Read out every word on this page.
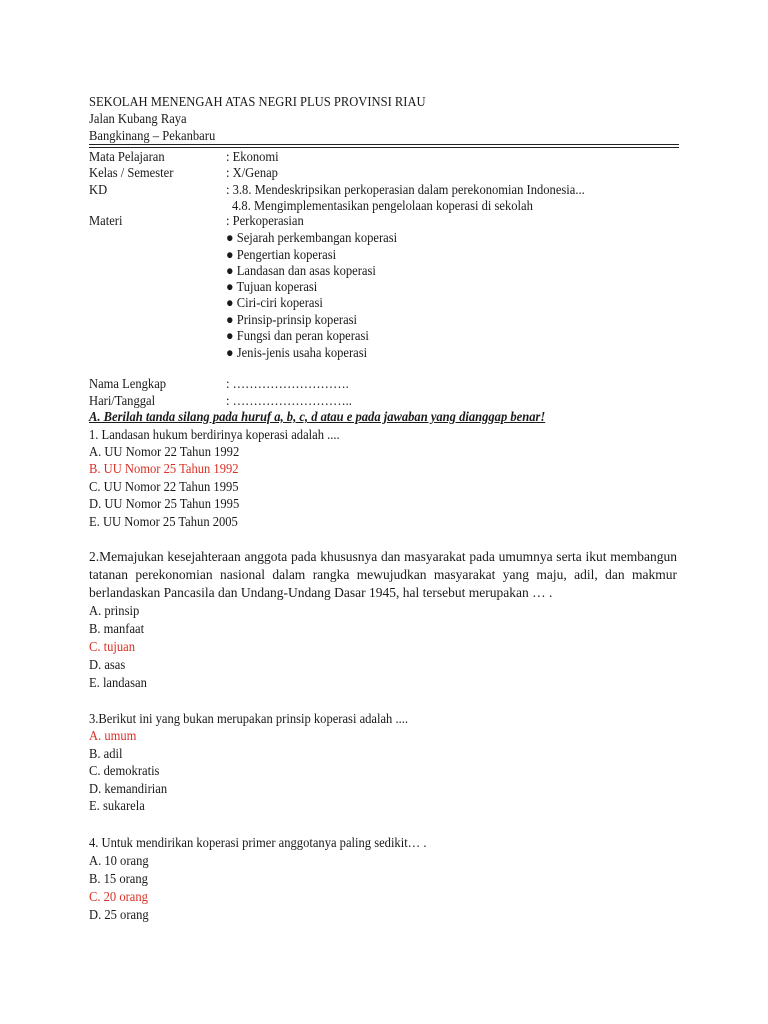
SEKOLAH MENENGAH ATAS NEGRI PLUS PROVINSI RIAU
Jalan Kubang Raya
Bangkinang – Pekanbaru
Mata Pelajaran	: Ekonomi
Kelas / Semester	: X/Genap
KD	: 3.8. Mendeskripsikan perkoperasian dalam perekonomian Indonesia...
4.8. Mengimplementasikan pengelolaan koperasi di sekolah
Materi	: Perkoperasian
● Sejarah perkembangan koperasi
● Pengertian koperasi
● Landasan dan asas koperasi
● Tujuan koperasi
● Ciri-ciri koperasi
● Prinsip-prinsip koperasi
● Fungsi dan peran koperasi
● Jenis-jenis usaha koperasi
Nama Lengkap	: ……………………….
Hari/Tanggal	: ………………………..
A. Berilah tanda silang pada huruf a, b, c, d atau e pada jawaban yang dianggap benar!
1. Landasan hukum berdirinya koperasi adalah ....
A. UU Nomor 22 Tahun 1992
B. UU Nomor 25 Tahun 1992
C. UU Nomor 22 Tahun 1995
D. UU Nomor 25 Tahun 1995
E. UU Nomor 25 Tahun 2005
2.Memajukan kesejahteraan anggota pada khususnya dan masyarakat pada umumnya serta ikut membangun tatanan perekonomian nasional dalam rangka mewujudkan masyarakat yang maju, adil, dan makmur berlandaskan Pancasila dan Undang-Undang Dasar 1945, hal tersebut merupakan … .
A. prinsip
B. manfaat
C. tujuan
D. asas
E. landasan
3.Berikut ini yang bukan merupakan prinsip koperasi adalah ....
A. umum
B. adil
C. demokratis
D. kemandirian
E. sukarela
4. Untuk mendirikan koperasi primer anggotanya paling sedikit… .
A. 10 orang
B. 15 orang
C. 20 orang
D. 25 orang
